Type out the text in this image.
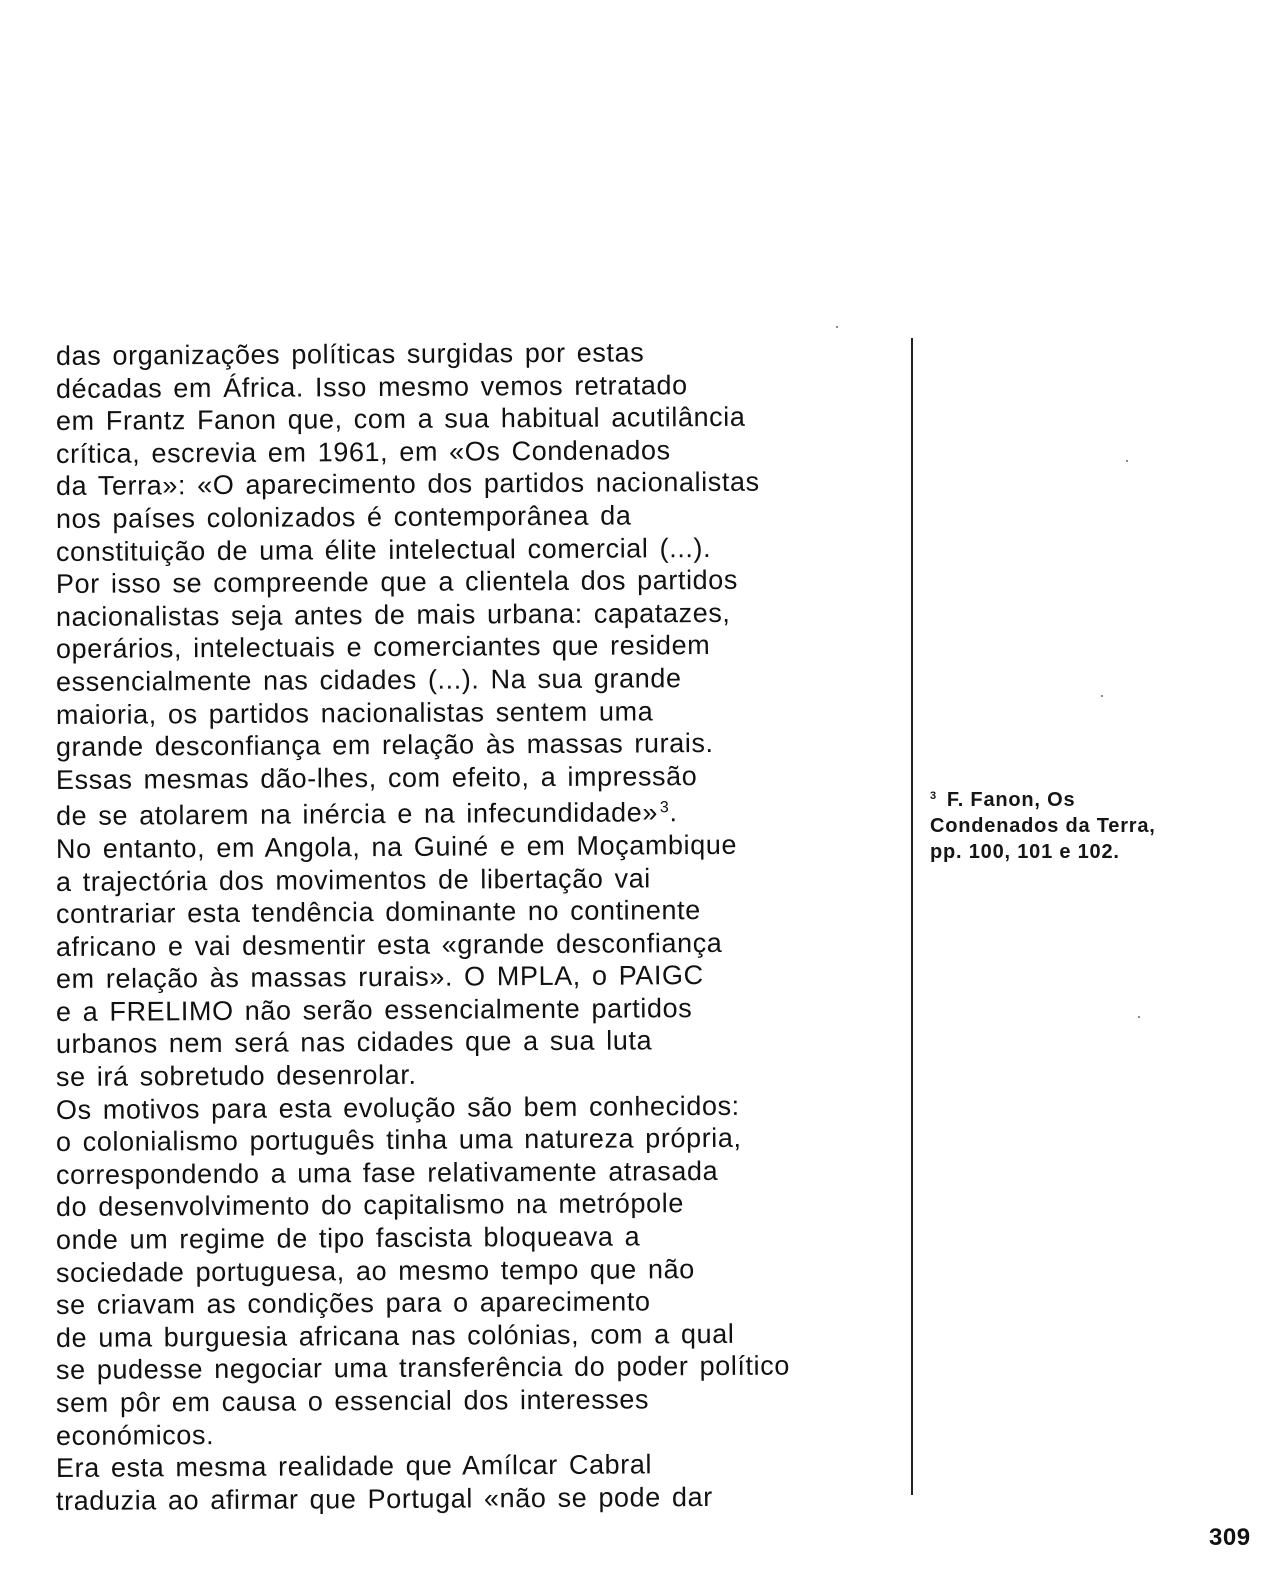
das organizações políticas surgidas por estas
décadas em África. Isso mesmo vemos retratado
em Frantz Fanon que, com a sua habitual acutilância
crítica, escrevia em 1961, em «Os Condenados
da Terra»: «O aparecimento dos partidos nacionalistas
nos países colonizados é contemporânea da
constituição de uma élite intelectual comercial (...).
Por isso se compreende que a clientela dos partidos
nacionalistas seja antes de mais urbana: capatazes,
operários, intelectuais e comerciantes que residem
essencialmente nas cidades (...). Na sua grande
maioria, os partidos nacionalistas sentem uma
grande desconfiança em relação às massas rurais.
Essas mesmas dão-lhes, com efeito, a impressão
de se atolarem na inércia e na infecundidade» $^3$.
No entanto, em Angola, na Guiné e em Moçambique
a trajectória dos movimentos de libertação vai
contrariar esta tendência dominante no continente
africano e vai desmentir esta «grande desconfiança
em relação às massas rurais». O MPLA, o PAIGC
e a FRELIMO não serão essencialmente partidos
urbanos nem será nas cidades que a sua luta
se irá sobretudo desenrolar.
Os motivos para esta evolução são bem conhecidos:
o colonialismo português tinha uma natureza própria,
correspondendo a uma fase relativamente atrasada
do desenvolvimento do capitalismo na metrópole
onde um regime de tipo fascista bloqueava a
sociedade portuguesa, ao mesmo tempo que não
se criavam as condições para o aparecimento
de uma burguesia africana nas colónias, com a qual
se pudesse negociar uma transferência do poder político
sem pôr em causa o essencial dos interesses
económicos.
Era esta mesma realidade que Amílcar Cabral
traduzia ao afirmar que Portugal «não se pode dar
$^3$ F. Fanon, Os
Condenados da Terra,
pp. 100, 101 e 102.
309
